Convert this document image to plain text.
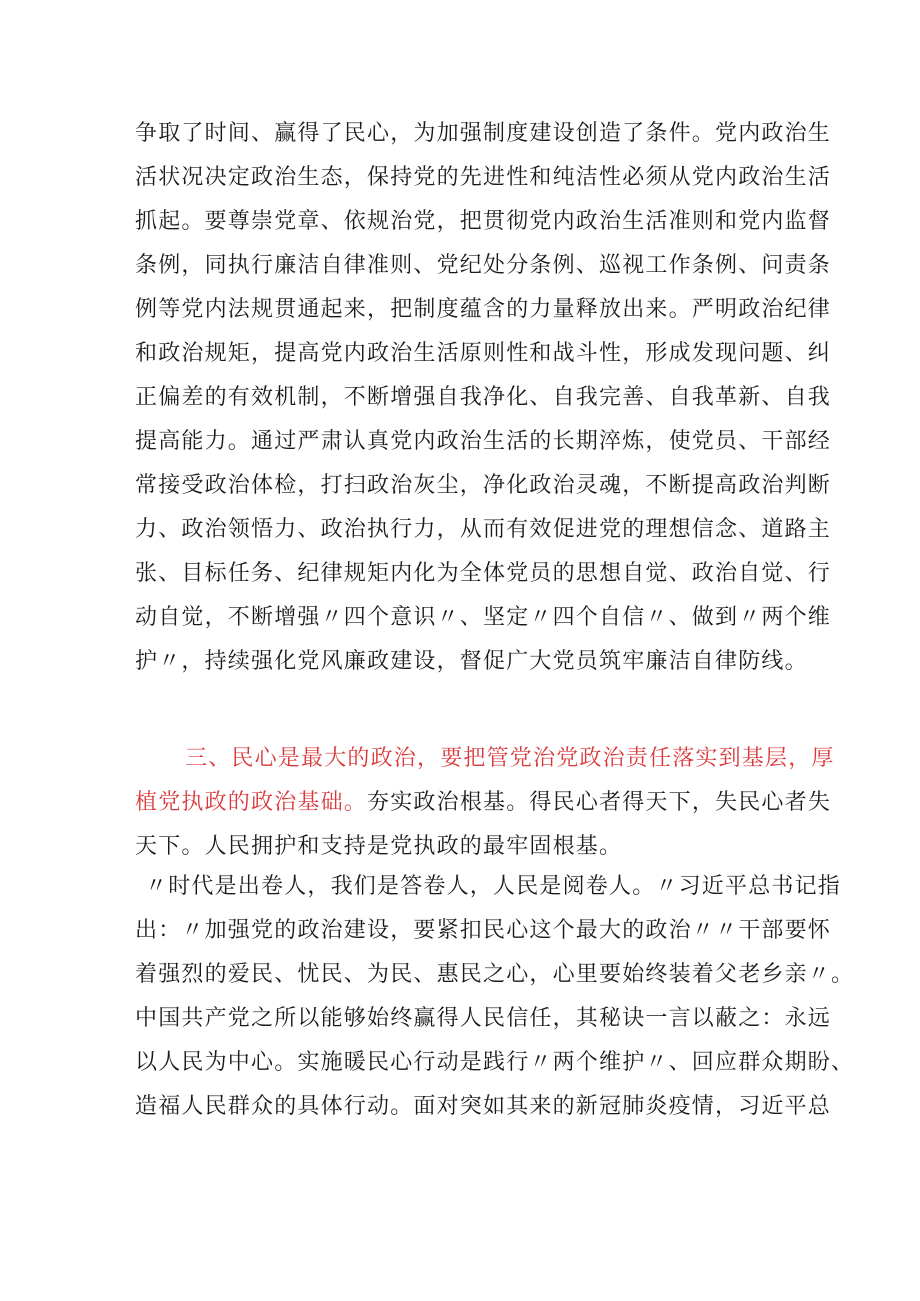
争取了时间、赢得了民心，为加强制度建设创造了条件。党内政治生
活状况决定政治生态，保持党的先进性和纯洁性必须从党内政治生活
抓起。要尊崇党章、依规治党，把贯彻党内政治生活准则和党内监督
条例，同执行廉洁自律准则、党纪处分条例、巡视工作条例、问责条
例等党内法规贯通起来，把制度蕴含的力量释放出来。严明政治纪律
和政治规矩，提高党内政治生活原则性和战斗性，形成发现问题、纠
正偏差的有效机制，不断增强自我净化、自我完善、自我革新、自我
提高能力。通过严肃认真党内政治生活的长期淬炼，使党员、干部经
常接受政治体检，打扫政治灰尘，净化政治灵魂，不断提高政治判断
力、政治领悟力、政治执行力，从而有效促进党的理想信念、道路主
张、目标任务、纪律规矩内化为全体党员的思想自觉、政治自觉、行
动自觉，不断增强〃四个意识〃、坚定〃四个自信〃、做到〃两个维
护〃，持续强化党风廉政建设，督促广大党员筑牢廉洁自律防线。
三、民心是最大的政治，要把管党治党政治责任落实到基层，厚
植党执政的政治基础。夯实政治根基。得民心者得天下，失民心者失
天下。人民拥护和支持是党执政的最牢固根基。
〃时代是出卷人，我们是答卷人，人民是阅卷人。〃习近平总书记指
出：〃加强党的政治建设，要紧扣民心这个最大的政治〃〃干部要怀
着强烈的爱民、忧民、为民、惠民之心，心里要始终装着父老乡亲〃。
中国共产党之所以能够始终赢得人民信任，其秘诀一言以蔽之：永远
以人民为中心。实施暖民心行动是践行〃两个维护〃、回应群众期盼、
造福人民群众的具体行动。面对突如其来的新冠肺炎疫情，习近平总
